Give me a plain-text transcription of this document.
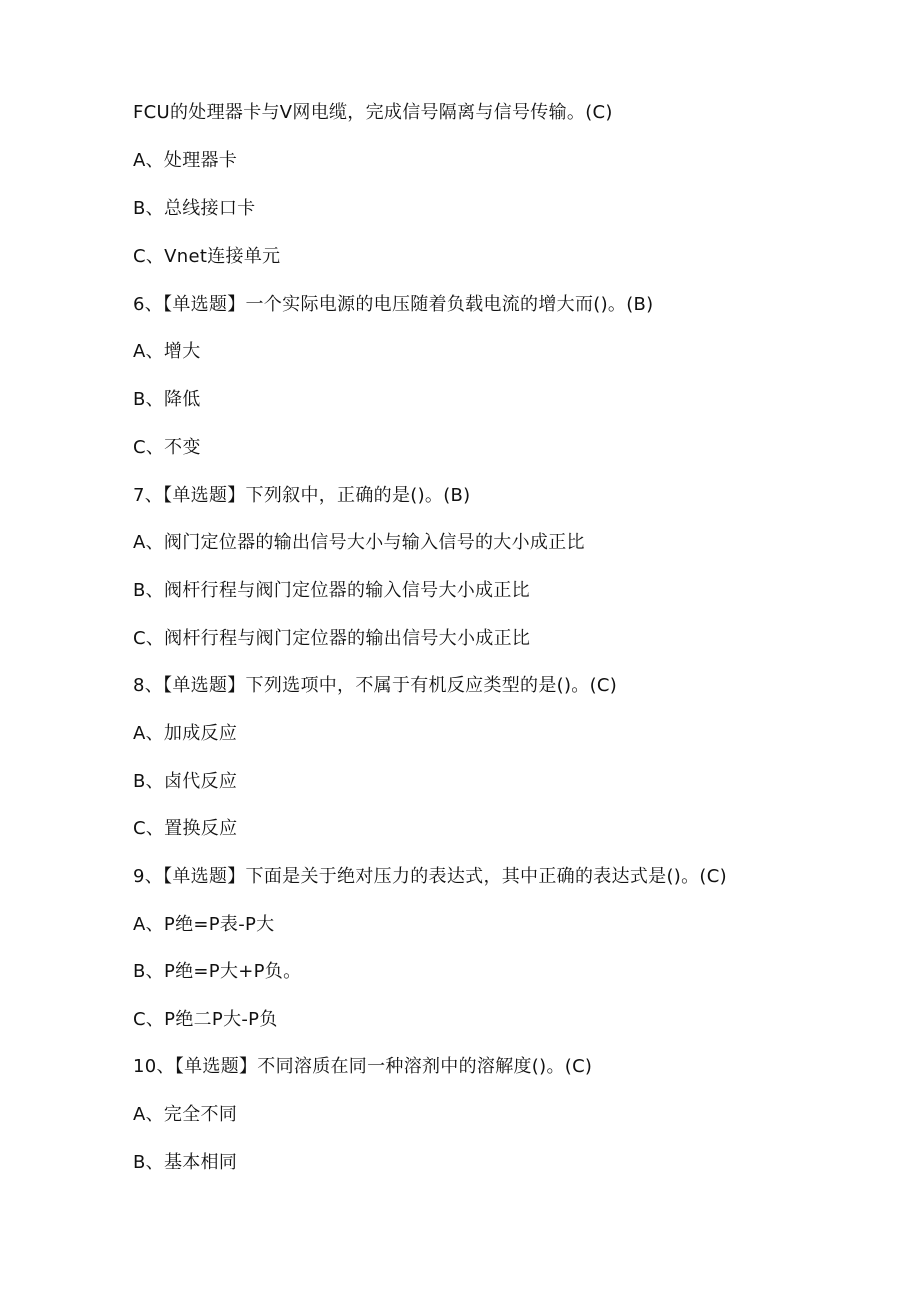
FCU的处理器卡与V网电缆，完成信号隔离与信号传输。(C)
A、处理器卡
B、总线接口卡
C、Vnet连接单元
6、【单选题】一个实际电源的电压随着负载电流的增大而()。(B)
A、增大
B、降低
C、不变
7、【单选题】下列叙中，正确的是()。(B)
A、阀门定位器的输出信号大小与输入信号的大小成正比
B、阀杆行程与阀门定位器的输入信号大小成正比
C、阀杆行程与阀门定位器的输出信号大小成正比
8、【单选题】下列选项中，不属于有机反应类型的是()。(C)
A、加成反应
B、卤代反应
C、置换反应
9、【单选题】下面是关于绝对压力的表达式，其中正确的表达式是()。(C)
A、P绝=P表-P大
B、P绝=P大+P负。
C、P绝二P大-P负
10、【单选题】不同溶质在同一种溶剂中的溶解度()。(C)
A、完全不同
B、基本相同
